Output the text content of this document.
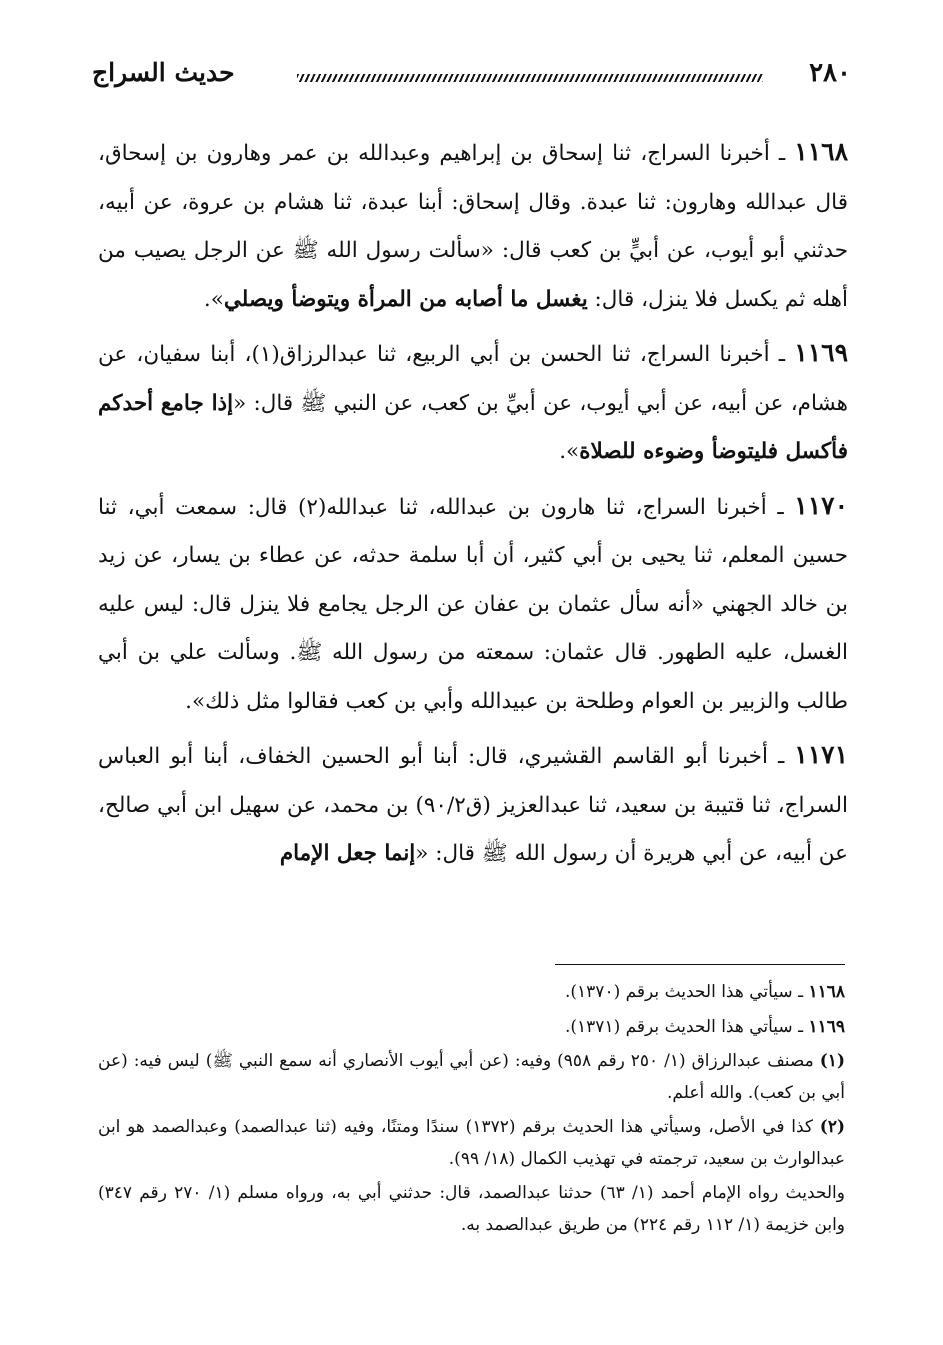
٢٨٠
حديث السراج

١١٦٨ ـ أخبرنا السراج، ثنا إسحاق بن إبراهيم وعبدالله بن عمر وهارون بن إسحاق، قال عبدالله وهارون: ثنا عبدة. وقال إسحاق: أبنا عبدة، ثنا هشام بن عروة، عن أبيه، حدثني أبو أيوب، عن أبيٍّ بن كعب قال: «سألت رسول الله ﷺ عن الرجل يصيب من أهله ثم يكسل فلا ينزل، قال: يغسل ما أصابه من المرأة ويتوضأ ويصلي».

١١٦٩ ـ أخبرنا السراج، ثنا الحسن بن أبي الربيع، ثنا عبدالرزاق(١)، أبنا سفيان، عن هشام، عن أبيه، عن أبي أيوب، عن أبيِّ بن كعب، عن النبي ﷺ قال: «إذا جامع أحدكم فأكسل فليتوضأ وضوءه للصلاة».

١١٧٠ ـ أخبرنا السراج، ثنا هارون بن عبدالله، ثنا عبدالله(٢) قال: سمعت أبي، ثنا حسين المعلم، ثنا يحيى بن أبي كثير، أن أبا سلمة حدثه، عن عطاء بن يسار، عن زيد بن خالد الجهني «أنه سأل عثمان بن عفان عن الرجل يجامع فلا ينزل قال: ليس عليه الغسل، عليه الطهور. قال عثمان: سمعته من رسول الله ﷺ. وسألت علي بن أبي طالب والزبير بن العوام وطلحة بن عبيدالله وأبي بن كعب فقالوا مثل ذلك».

١١٧١ ـ أخبرنا أبو القاسم القشيري، قال: أبنا أبو الحسين الخفاف، أبنا أبو العباس السراج، ثنا قتيبة بن سعيد، ثنا عبدالعزيز (ق٩٠/٢) بن محمد، عن سهيل ابن أبي صالح، عن أبيه، عن أبي هريرة أن رسول الله ﷺ قال: «إنما جعل الإمام

١١٦٨ ـ سيأتي هذا الحديث برقم (١٣٧٠).

١١٦٩ ـ سيأتي هذا الحديث برقم (١٣٧١).

(١) مصنف عبدالرزاق (١/ ٢٥٠ رقم ٩٥٨) وفيه: (عن أبي أيوب الأنصاري أنه سمع النبي ﷺ) ليس فيه: (عن أبي بن كعب). والله أعلم.

(٢) كذا في الأصل، وسيأتي هذا الحديث برقم (١٣٧٢) سندًا ومتنًا، وفيه (ثنا عبدالصمد) وعبدالصمد هو ابن عبدالوارث بن سعيد، ترجمته في تهذيب الكمال (١٨/ ٩٩).

والحديث رواه الإمام أحمد (١/ ٦٣) حدثنا عبدالصمد، قال: حدثني أبي به، ورواه مسلم (١/ ٢٧٠ رقم ٣٤٧) وابن خزيمة (١/ ١١٢ رقم ٢٢٤) من طريق عبدالصمد به.
